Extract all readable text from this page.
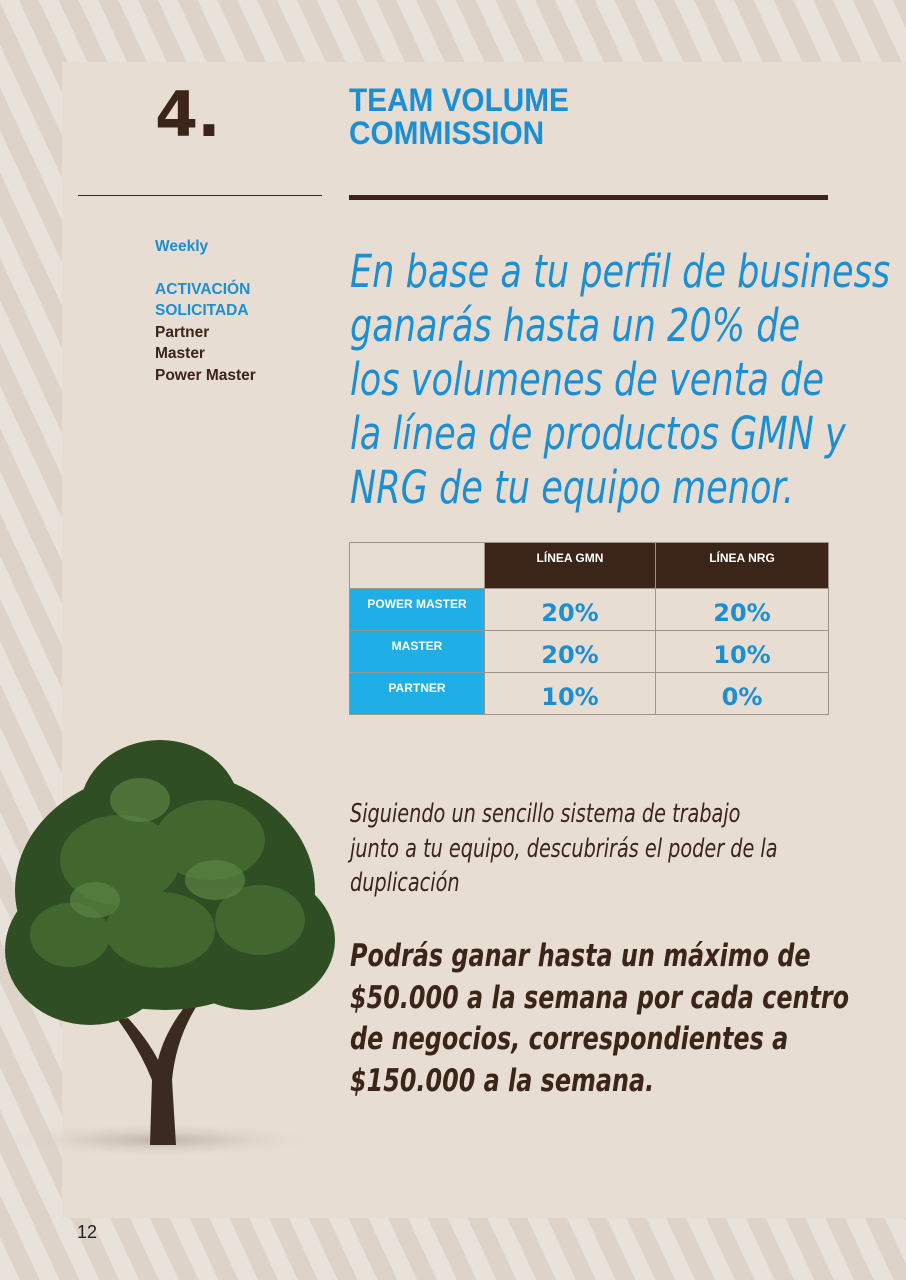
4.	TEAM VOLUME
COMMISSION
Weekly
ACTIVACIÓN
SOLICITADA
Partner
Master
Power Master
En base a tu perfil de business
ganarás hasta un 20% de
los volumenes de venta de
la línea de productos GMN y
NRG de tu equipo menor.
	LÍNEA GMN	LÍNEA NRG
POWER MASTER	20%	20%
MASTER	20%	10%
PARTNER	10%	0%
Siguiendo un sencillo sistema de trabajo
junto a tu equipo, descubrirás el poder de la
duplicación
Podrás ganar hasta un máximo de
$50.000 a la semana por cada centro
de negocios, correspondientes a
$150.000 a la semana.
12
